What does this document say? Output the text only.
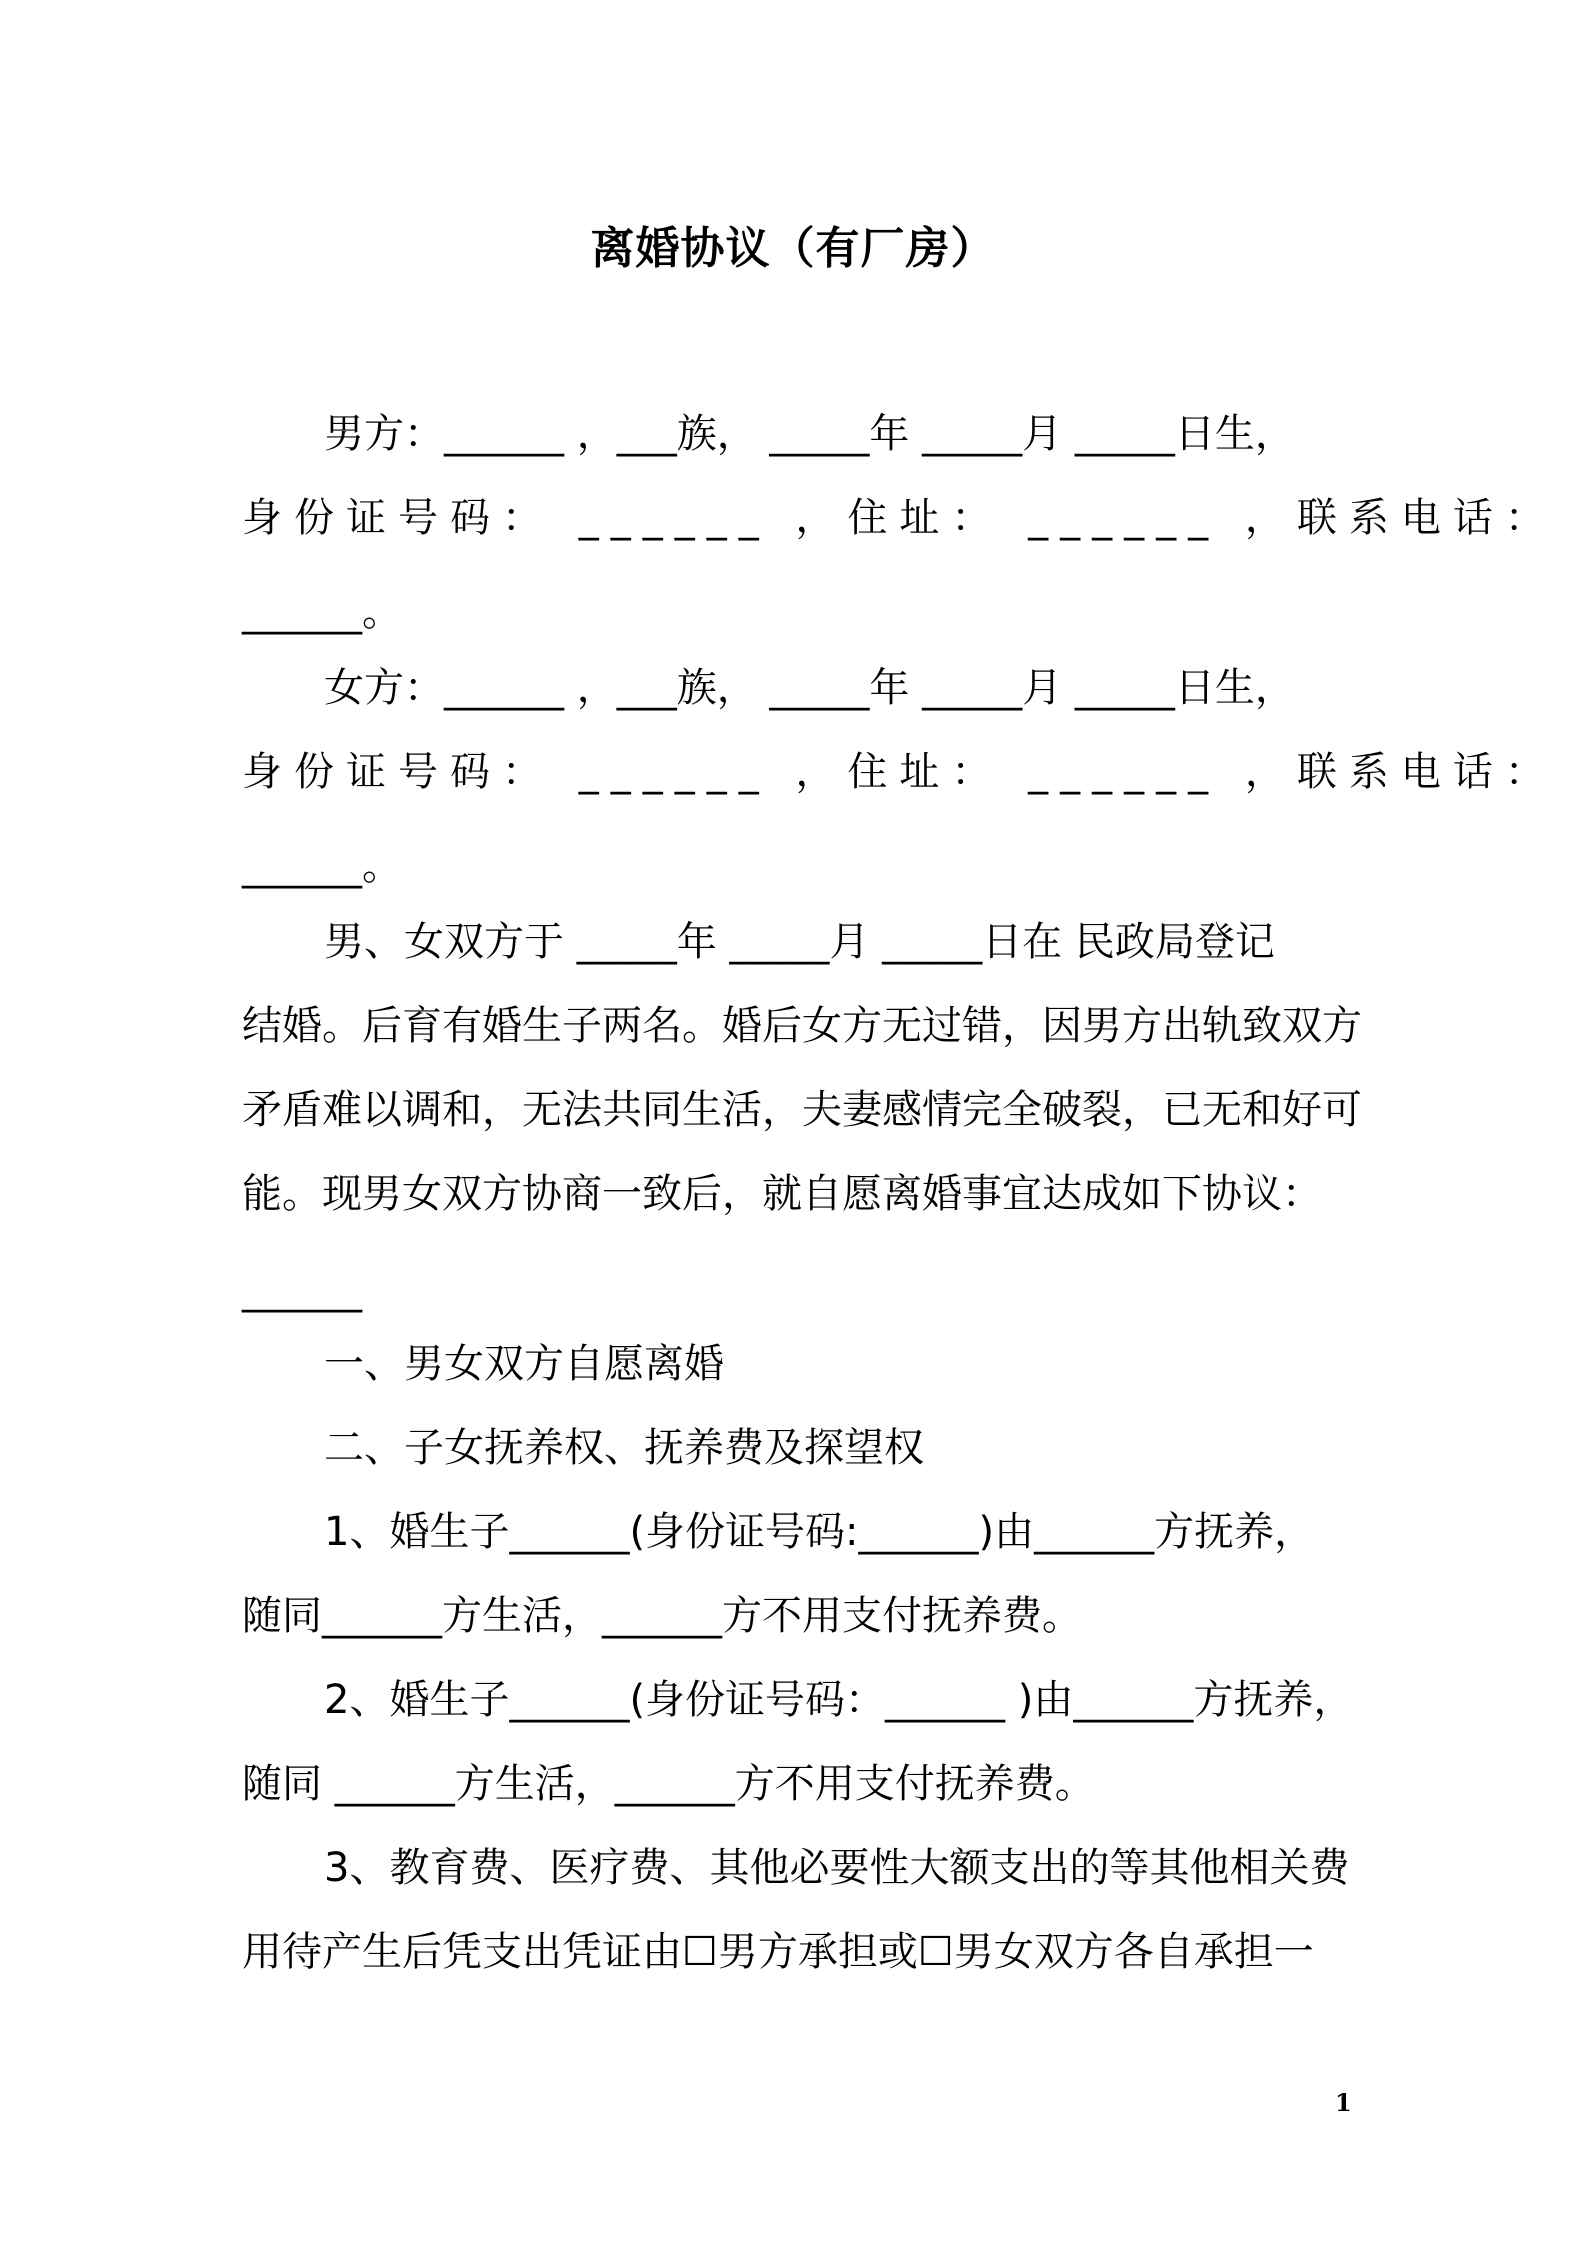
离婚协议（有厂房）
男方：______ ，___族， _____年 _____月 _____日生，
身份证号码： ______ ，住址： ______ ，联系电话：
______。
女方：______ ，___族， _____年 _____月 _____日生，
身份证号码： ______ ，住址： ______ ，联系电话：
______。
男、女双方于 _____年 _____月 _____日在 民政局登记
结婚。后育有婚生子两名。婚后女方无过错，因男方出轨致双方
矛盾难以调和，无法共同生活，夫妻感情完全破裂，已无和好可
能。现男女双方协商一致后，就自愿离婚事宜达成如下协议：
______
一、男女双方自愿离婚
二、子女抚养权、抚养费及探望权
1、婚生子______(身份证号码:______)由______方抚养，
随同______方生活，______方不用支付抚养费。
2、婚生子______(身份证号码：______ )由______方抚养，
随同 ______方生活，______方不用支付抚养费。
3、教育费、医疗费、其他必要性大额支出的等其他相关费
用待产生后凭支出凭证由☐男方承担或☐男女双方各自承担一
1
